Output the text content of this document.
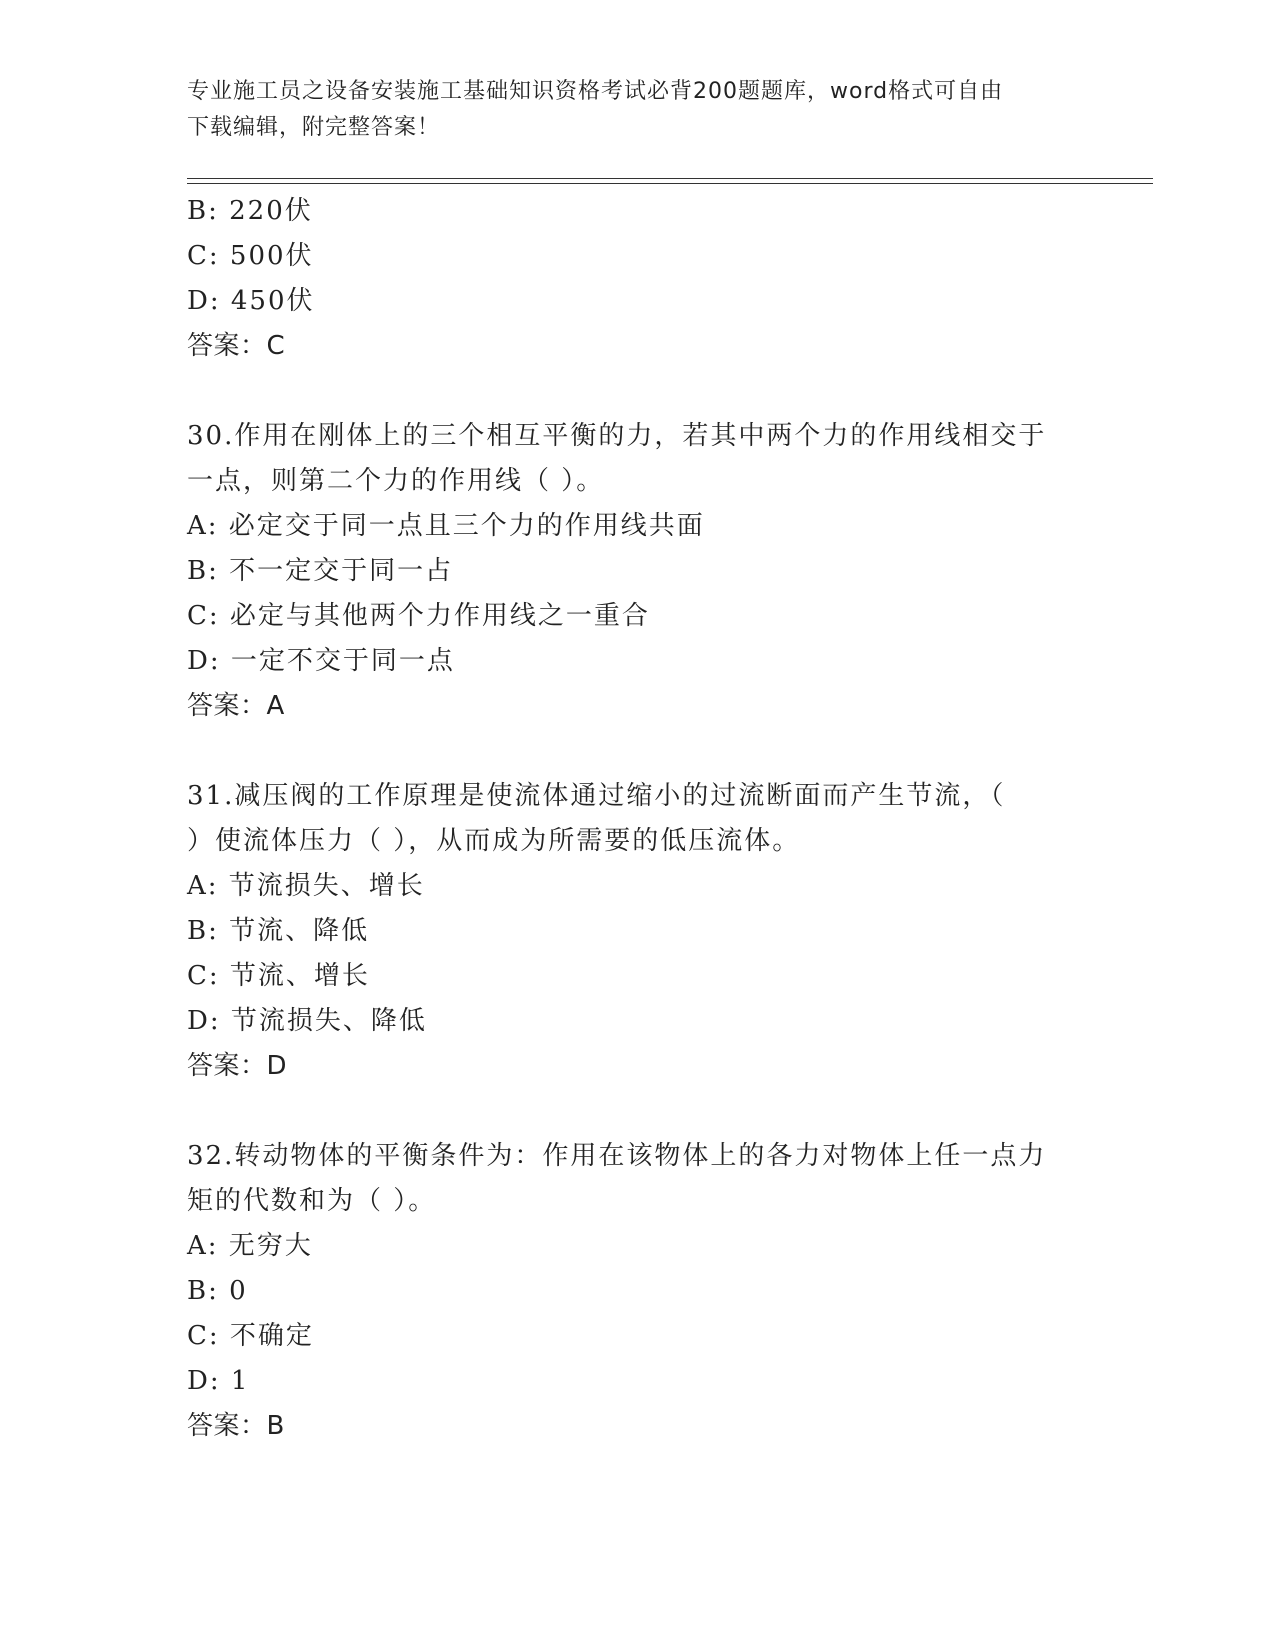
专业施工员之设备安装施工基础知识资格考试必背200题题库，word格式可自由
下载编辑，附完整答案！
B: 220伏
C: 500伏
D: 450伏
答案：C
30.作用在刚体上的三个相互平衡的力，若其中两个力的作用线相交于
一点，则第二个力的作用线（ ）。
A: 必定交于同一点且三个力的作用线共面
B: 不一定交于同一占
C: 必定与其他两个力作用线之一重合
D: 一定不交于同一点
答案：A
31.减压阀的工作原理是使流体通过缩小的过流断面而产生节流，（
）使流体压力（ ），从而成为所需要的低压流体。
A: 节流损失、增长
B: 节流、降低
C: 节流、增长
D: 节流损失、降低
答案：D
32.转动物体的平衡条件为：作用在该物体上的各力对物体上任一点力
矩的代数和为（ ）。
A: 无穷大
B: 0
C: 不确定
D: 1
答案：B
